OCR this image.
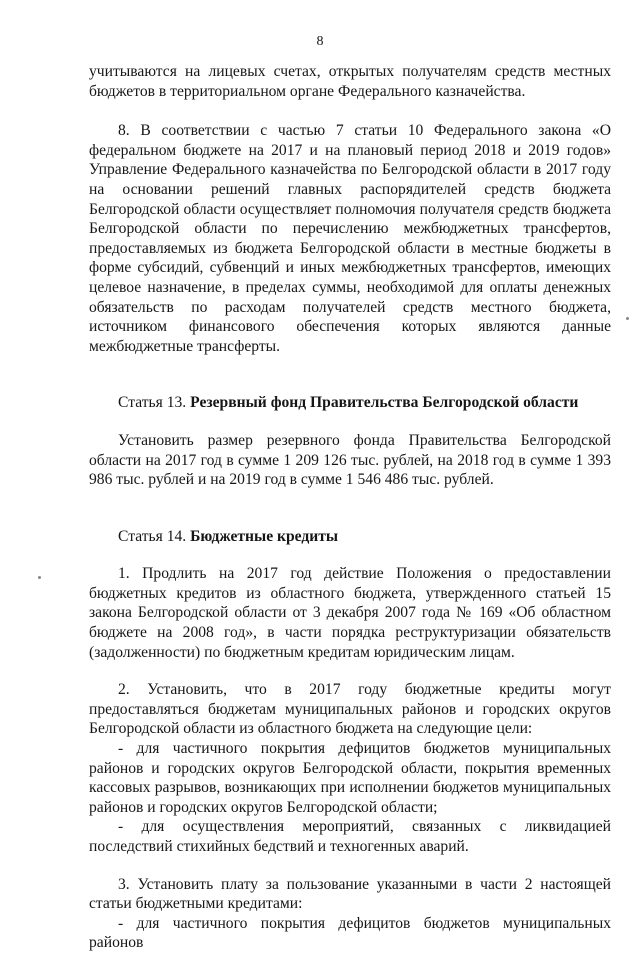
8

учитываются на лицевых счетах, открытых получателям средств местных бюджетов в территориальном органе Федерального казначейства.

8. В соответствии с частью 7 статьи 10 Федерального закона «О федеральном бюджете на 2017 и на плановый период 2018 и 2019 годов» Управление Федерального казначейства по Белгородской области в 2017 году на основании решений главных распорядителей средств бюджета Белгородской области осуществляет полномочия получателя средств бюджета Белгородской области по перечислению межбюджетных трансфертов, предоставляемых из бюджета Белгородской области в местные бюджеты в форме субсидий, субвенций и иных межбюджетных трансфертов, имеющих целевое назначение, в пределах суммы, необходимой для оплаты денежных обязательств по расходам получателей средств местного бюджета, источником финансового обеспечения которых являются данные межбюджетные трансферты.

Статья 13. Резервный фонд Правительства Белгородской области

Установить размер резервного фонда Правительства Белгородской области на 2017 год в сумме 1 209 126 тыс. рублей, на 2018 год в сумме 1 393 986 тыс. рублей и на 2019 год в сумме 1 546 486 тыс. рублей.

Статья 14. Бюджетные кредиты

1. Продлить на 2017 год действие Положения о предоставлении бюджетных кредитов из областного бюджета, утвержденного статьей 15 закона Белгородской области от 3 декабря 2007 года № 169 «Об областном бюджете на 2008 год», в части порядка реструктуризации обязательств (задолженности) по бюджетным кредитам юридическим лицам.

2. Установить, что в 2017 году бюджетные кредиты могут предоставляться бюджетам муниципальных районов и городских округов Белгородской области из областного бюджета на следующие цели:

- для частичного покрытия дефицитов бюджетов муниципальных районов и городских округов Белгородской области, покрытия временных кассовых разрывов, возникающих при исполнении бюджетов муниципальных районов и городских округов Белгородской области;

- для осуществления мероприятий, связанных с ликвидацией последствий стихийных бедствий и техногенных аварий.

3. Установить плату за пользование указанными в части 2 настоящей статьи бюджетными кредитами:

- для частичного покрытия дефицитов бюджетов муниципальных районов
